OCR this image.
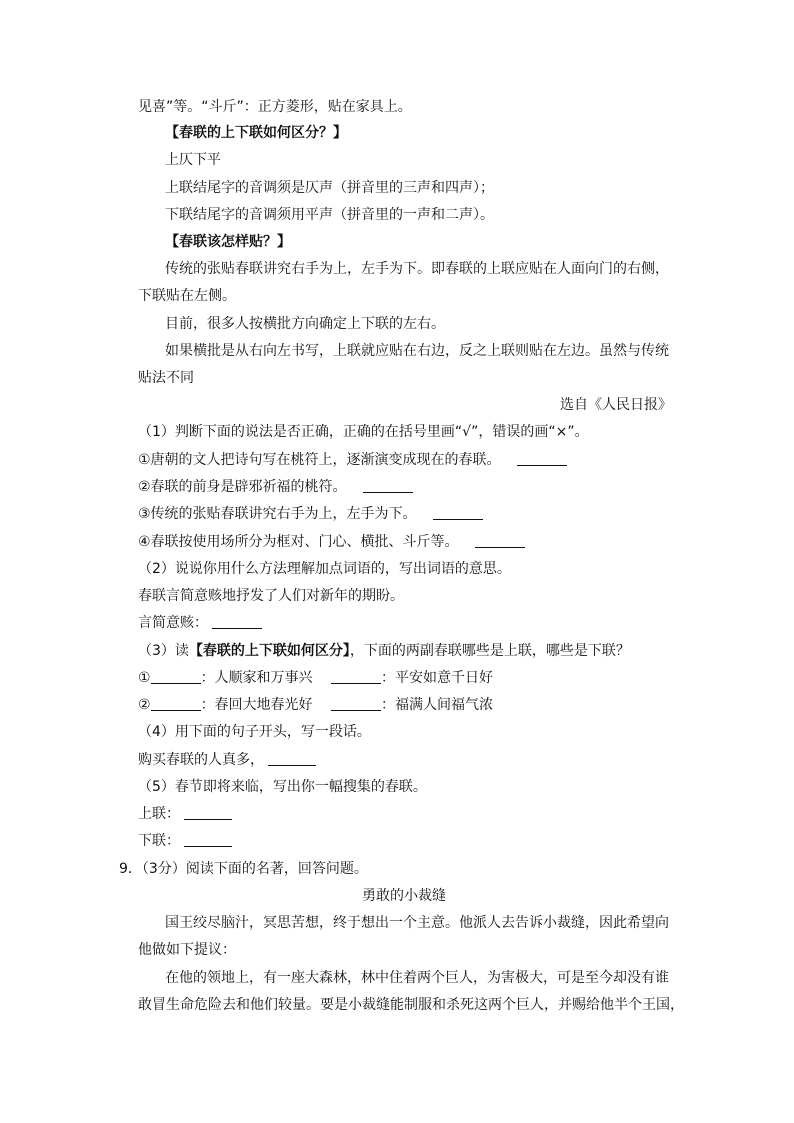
见喜”等。“斗斤”：正方菱形，贴在家具上。
【春联的上下联如何区分？】
上仄下平
上联结尾字的音调须是仄声（拼音里的三声和四声）；
下联结尾字的音调须用平声（拼音里的一声和二声）。
【春联该怎样贴？】
传统的张贴春联讲究右手为上，左手为下。即春联的上联应贴在人面向门的右侧，
下联贴在左侧。
目前，很多人按横批方向确定上下联的左右。
如果横批是从右向左书写，上联就应贴在右边，反之上联则贴在左边。虽然与传统
贴法不同
选自《人民日报》
（1）判断下面的说法是否正确，正确的在括号里画“√”，错误的画“×”。
①唐朝的文人把诗句写在桃符上，逐渐演变成现在的春联。
②春联的前身是辟邪祈福的桃符。
③传统的张贴春联讲究右手为上，左手为下。
④春联按使用场所分为框对、门心、横批、斗斤等。
（2）说说你用什么方法理解加点词语的，写出词语的意思。
春联言简意赅地抒发了人们对新年的期盼。
言简意赅：
（3）读【春联的上下联如何区分】，下面的两副春联哪些是上联，哪些是下联？
①	：人顺家和万事兴	：平安如意千日好
②	：春回大地春光好	：福满人间福气浓
（4）用下面的句子开头，写一段话。
购买春联的人真多，
（5）春节即将来临，写出你一幅搜集的春联。
上联：
下联：
9．（3分）阅读下面的名著，回答问题。
勇敢的小裁缝
国王绞尽脑汁，冥思苦想，终于想出一个主意。他派人去告诉小裁缝，因此希望向
他做如下提议：
在他的领地上，有一座大森林，林中住着两个巨人，为害极大，可是至今却没有谁
敢冒生命危险去和他们较量。要是小裁缝能制服和杀死这两个巨人，并赐给他半个王国，
